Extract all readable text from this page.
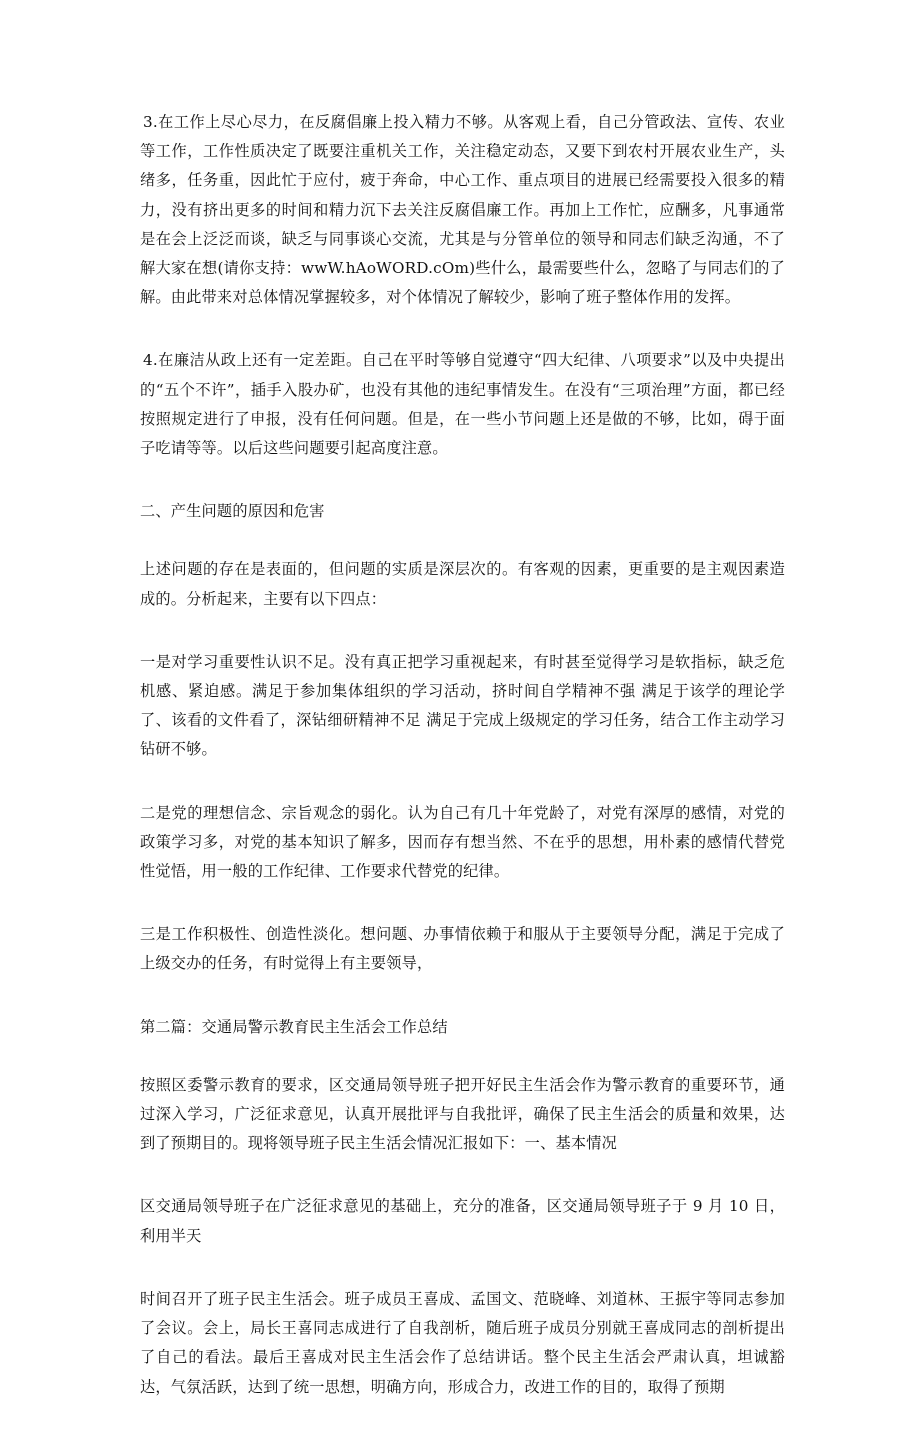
3.在工作上尽心尽力，在反腐倡廉上投入精力不够。从客观上看，自己分管政法、宣传、农业等工作，工作性质决定了既要注重机关工作，关注稳定动态，又要下到农村开展农业生产，头绪多，任务重，因此忙于应付，疲于奔命，中心工作、重点项目的进展已经需要投入很多的精力，没有挤出更多的时间和精力沉下去关注反腐倡廉工作。再加上工作忙，应酬多，凡事通常是在会上泛泛而谈，缺乏与同事谈心交流，尤其是与分管单位的领导和同志们缺乏沟通，不了解大家在想(请你支持：wwW.hAoWORD.cOm)些什么，最需要些什么，忽略了与同志们的了解。由此带来对总体情况掌握较多，对个体情况了解较少，影响了班子整体作用的发挥。

4.在廉洁从政上还有一定差距。自己在平时等够自觉遵守“四大纪律、八项要求”以及中央提出的“五个不许”，插手入股办矿，也没有其他的违纪事情发生。在没有“三项治理”方面，都已经按照规定进行了申报，没有任何问题。但是，在一些小节问题上还是做的不够，比如，碍于面子吃请等等。以后这些问题要引起高度注意。

二、产生问题的原因和危害

上述问题的存在是表面的，但问题的实质是深层次的。有客观的因素，更重要的是主观因素造成的。分析起来，主要有以下四点：

一是对学习重要性认识不足。没有真正把学习重视起来，有时甚至觉得学习是软指标，缺乏危机感、紧迫感。满足于参加集体组织的学习活动，挤时间自学精神不强 满足于该学的理论学了、该看的文件看了，深钻细研精神不足 满足于完成上级规定的学习任务，结合工作主动学习钻研不够。

二是党的理想信念、宗旨观念的弱化。认为自己有几十年党龄了，对党有深厚的感情，对党的政策学习多，对党的基本知识了解多，因而存有想当然、不在乎的思想，用朴素的感情代替党性觉悟，用一般的工作纪律、工作要求代替党的纪律。

三是工作积极性、创造性淡化。想问题、办事情依赖于和服从于主要领导分配，满足于完成了上级交办的任务，有时觉得上有主要领导，

第二篇：交通局警示教育民主生活会工作总结

按照区委警示教育的要求，区交通局领导班子把开好民主生活会作为警示教育的重要环节，通过深入学习，广泛征求意见，认真开展批评与自我批评，确保了民主生活会的质量和效果，达到了预期目的。现将领导班子民主生活会情况汇报如下：一、基本情况

区交通局领导班子在广泛征求意见的基础上，充分的准备，区交通局领导班子于 9 月 10 日，利用半天

时间召开了班子民主生活会。班子成员王喜成、孟国文、范晓峰、刘道林、王振宇等同志参加了会议。会上，局长王喜同志成进行了自我剖析，随后班子成员分别就王喜成同志的剖析提出了自己的看法。最后王喜成对民主生活会作了总结讲话。整个民主生活会严肃认真，坦诚豁达，气氛活跃，达到了统一思想，明确方向，形成合力，改进工作的目的，取得了预期
